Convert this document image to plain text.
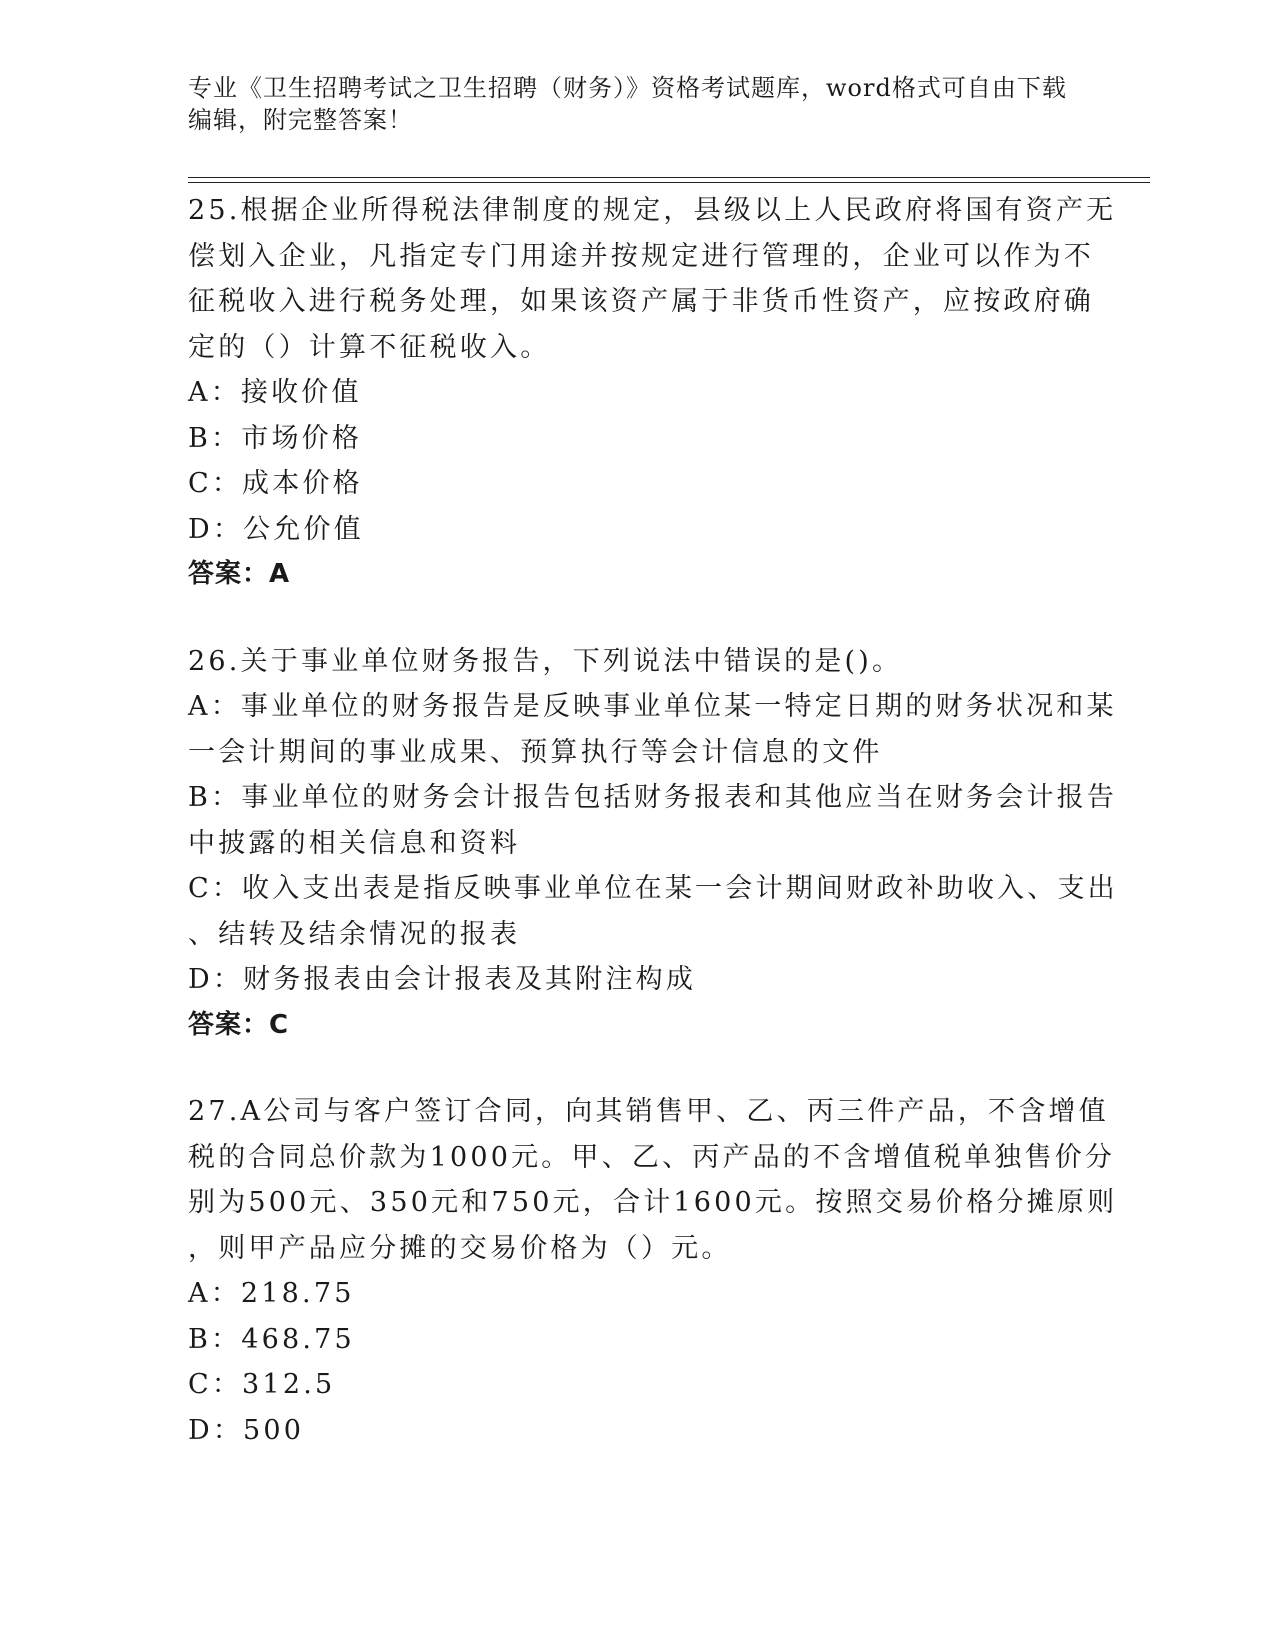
专业《卫生招聘考试之卫生招聘（财务）》资格考试题库，word格式可自由下载
编辑，附完整答案！
25.根据企业所得税法律制度的规定，县级以上人民政府将国有资产无
偿划入企业，凡指定专门用途并按规定进行管理的，企业可以作为不
征税收入进行税务处理，如果该资产属于非货币性资产，应按政府确
定的（）计算不征税收入。
A：接收价值
B：市场价格
C：成本价格
D：公允价值
答案：A
26.关于事业单位财务报告，下列说法中错误的是()。
A：事业单位的财务报告是反映事业单位某一特定日期的财务状况和某
一会计期间的事业成果、预算执行等会计信息的文件
B：事业单位的财务会计报告包括财务报表和其他应当在财务会计报告
中披露的相关信息和资料
C：收入支出表是指反映事业单位在某一会计期间财政补助收入、支出
、结转及结余情况的报表
D：财务报表由会计报表及其附注构成
答案：C
27.A公司与客户签订合同，向其销售甲、乙、丙三件产品，不含增值
税的合同总价款为1000元。甲、乙、丙产品的不含增值税单独售价分
别为500元、350元和750元，合计1600元。按照交易价格分摊原则
，则甲产品应分摊的交易价格为（）元。
A：218.75
B：468.75
C：312.5
D：500
